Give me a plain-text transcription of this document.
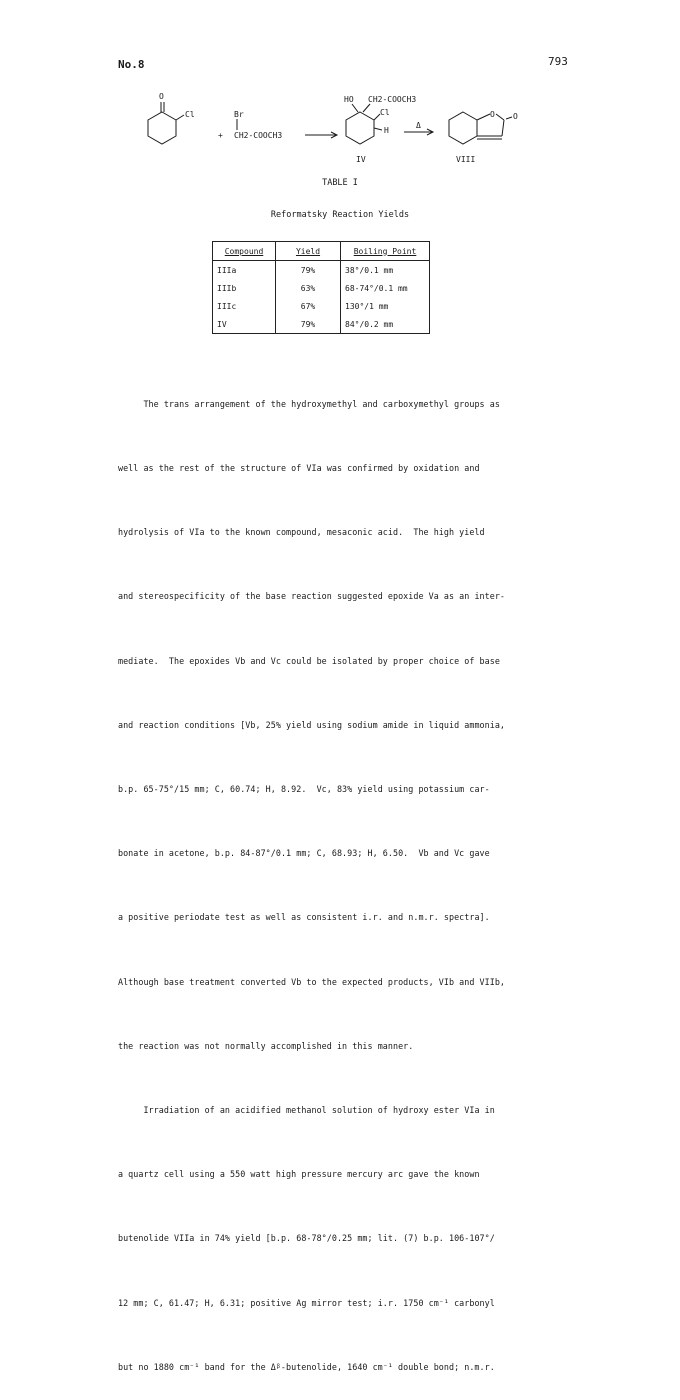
No.8	793
O
Cl
+
Br
CH2-COOCH3
HO CH2-COOCH3
Cl
H
IV
Δ
O O
VIII
TABLE I
Reformatsky Reaction Yields
Compound	Yield	Boiling Point
IIIa	79%	38°/0.1 mm
IIIb	63%	68-74°/0.1 mm
IIIc	67%	130°/1 mm
IV	79%	84°/0.2 mm

The trans arrangement of the hydroxymethyl and carboxymethyl groups as

well as the rest of the structure of VIa was confirmed by oxidation and

hydrolysis of VIa to the known compound, mesaconic acid.  The high yield

and stereospecificity of the base reaction suggested epoxide Va as an inter-

mediate.  The epoxides Vb and Vc could be isolated by proper choice of base

and reaction conditions [Vb, 25% yield using sodium amide in liquid ammonia,

b.p. 65-75°/15 mm; C, 60.74; H, 8.92.  Vc, 83% yield using potassium car-

bonate in acetone, b.p. 84-87°/0.1 mm; C, 68.93; H, 6.50.  Vb and Vc gave

a positive periodate test as well as consistent i.r. and n.m.r. spectra].

Although base treatment converted Vb to the expected products, VIb and VIIb,

the reaction was not normally accomplished in this manner.

Irradiation of an acidified methanol solution of hydroxy ester VIa in

a quartz cell using a 550 watt high pressure mercury arc gave the known

butenolide VIIa in 74% yield [b.p. 68-78°/0.25 mm; lit. (7) b.p. 106-107°/

12 mm; C, 61.47; H, 6.31; positive Ag mirror test; i.r. 1750 cm⁻¹ carbonyl

but no 1880 cm⁻¹ band for the Δᵝ-butenolide, 1640 cm⁻¹ double bond; n.m.r.
